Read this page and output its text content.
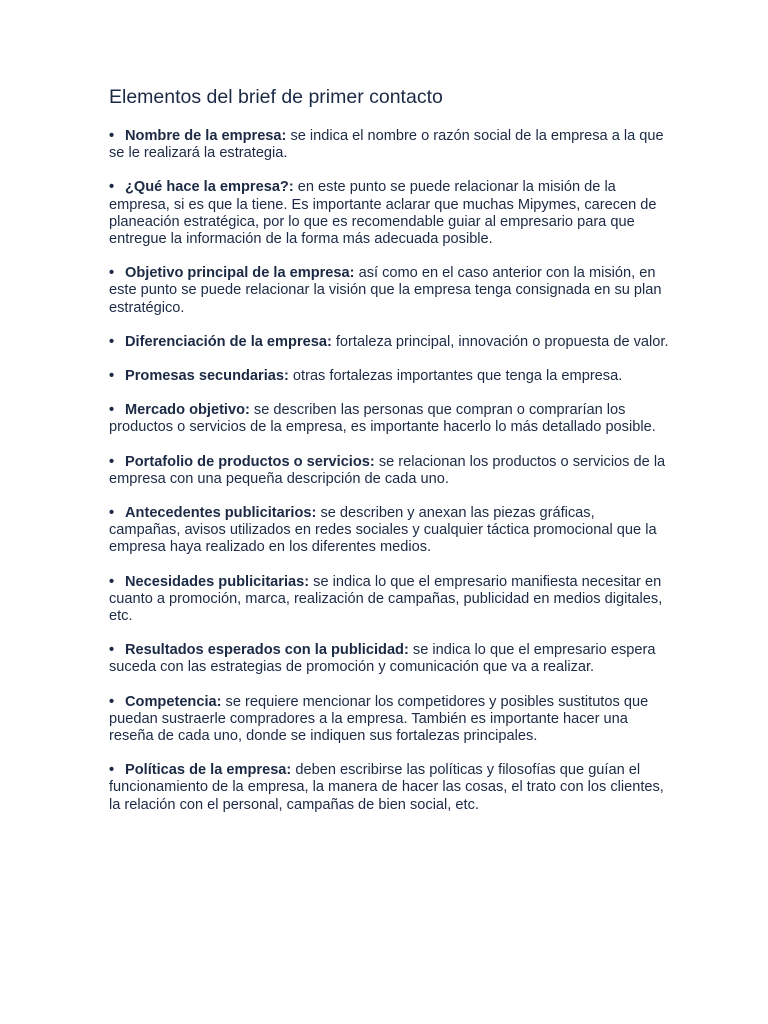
Elementos del brief de primer contacto
• Nombre de la empresa: se indica el nombre o razón social de la empresa a la que se le realizará la estrategia.
• ¿Qué hace la empresa?: en este punto se puede relacionar la misión de la empresa, si es que la tiene. Es importante aclarar que muchas Mipymes, carecen de planeación estratégica, por lo que es recomendable guiar al empresario para que entregue la información de la forma más adecuada posible.
• Objetivo principal de la empresa: así como en el caso anterior con la misión, en este punto se puede relacionar la visión que la empresa tenga consignada en su plan estratégico.
• Diferenciación de la empresa: fortaleza principal, innovación o propuesta de valor.
• Promesas secundarias: otras fortalezas importantes que tenga la empresa.
• Mercado objetivo: se describen las personas que compran o comprarían los productos o servicios de la empresa, es importante hacerlo lo más detallado posible.
• Portafolio de productos o servicios: se relacionan los productos o servicios de la empresa con una pequeña descripción de cada uno.
• Antecedentes publicitarios: se describen y anexan las piezas gráficas, campañas, avisos utilizados en redes sociales y cualquier táctica promocional que la empresa haya realizado en los diferentes medios.
• Necesidades publicitarias: se indica lo que el empresario manifiesta necesitar en cuanto a promoción, marca, realización de campañas, publicidad en medios digitales, etc.
• Resultados esperados con la publicidad: se indica lo que el empresario espera suceda con las estrategias de promoción y comunicación que va a realizar.
• Competencia: se requiere mencionar los competidores y posibles sustitutos que puedan sustraerle compradores a la empresa. También es importante hacer una reseña de cada uno, donde se indiquen sus fortalezas principales.
• Políticas de la empresa: deben escribirse las políticas y filosofías que guían el funcionamiento de la empresa, la manera de hacer las cosas, el trato con los clientes, la relación con el personal, campañas de bien social, etc.
